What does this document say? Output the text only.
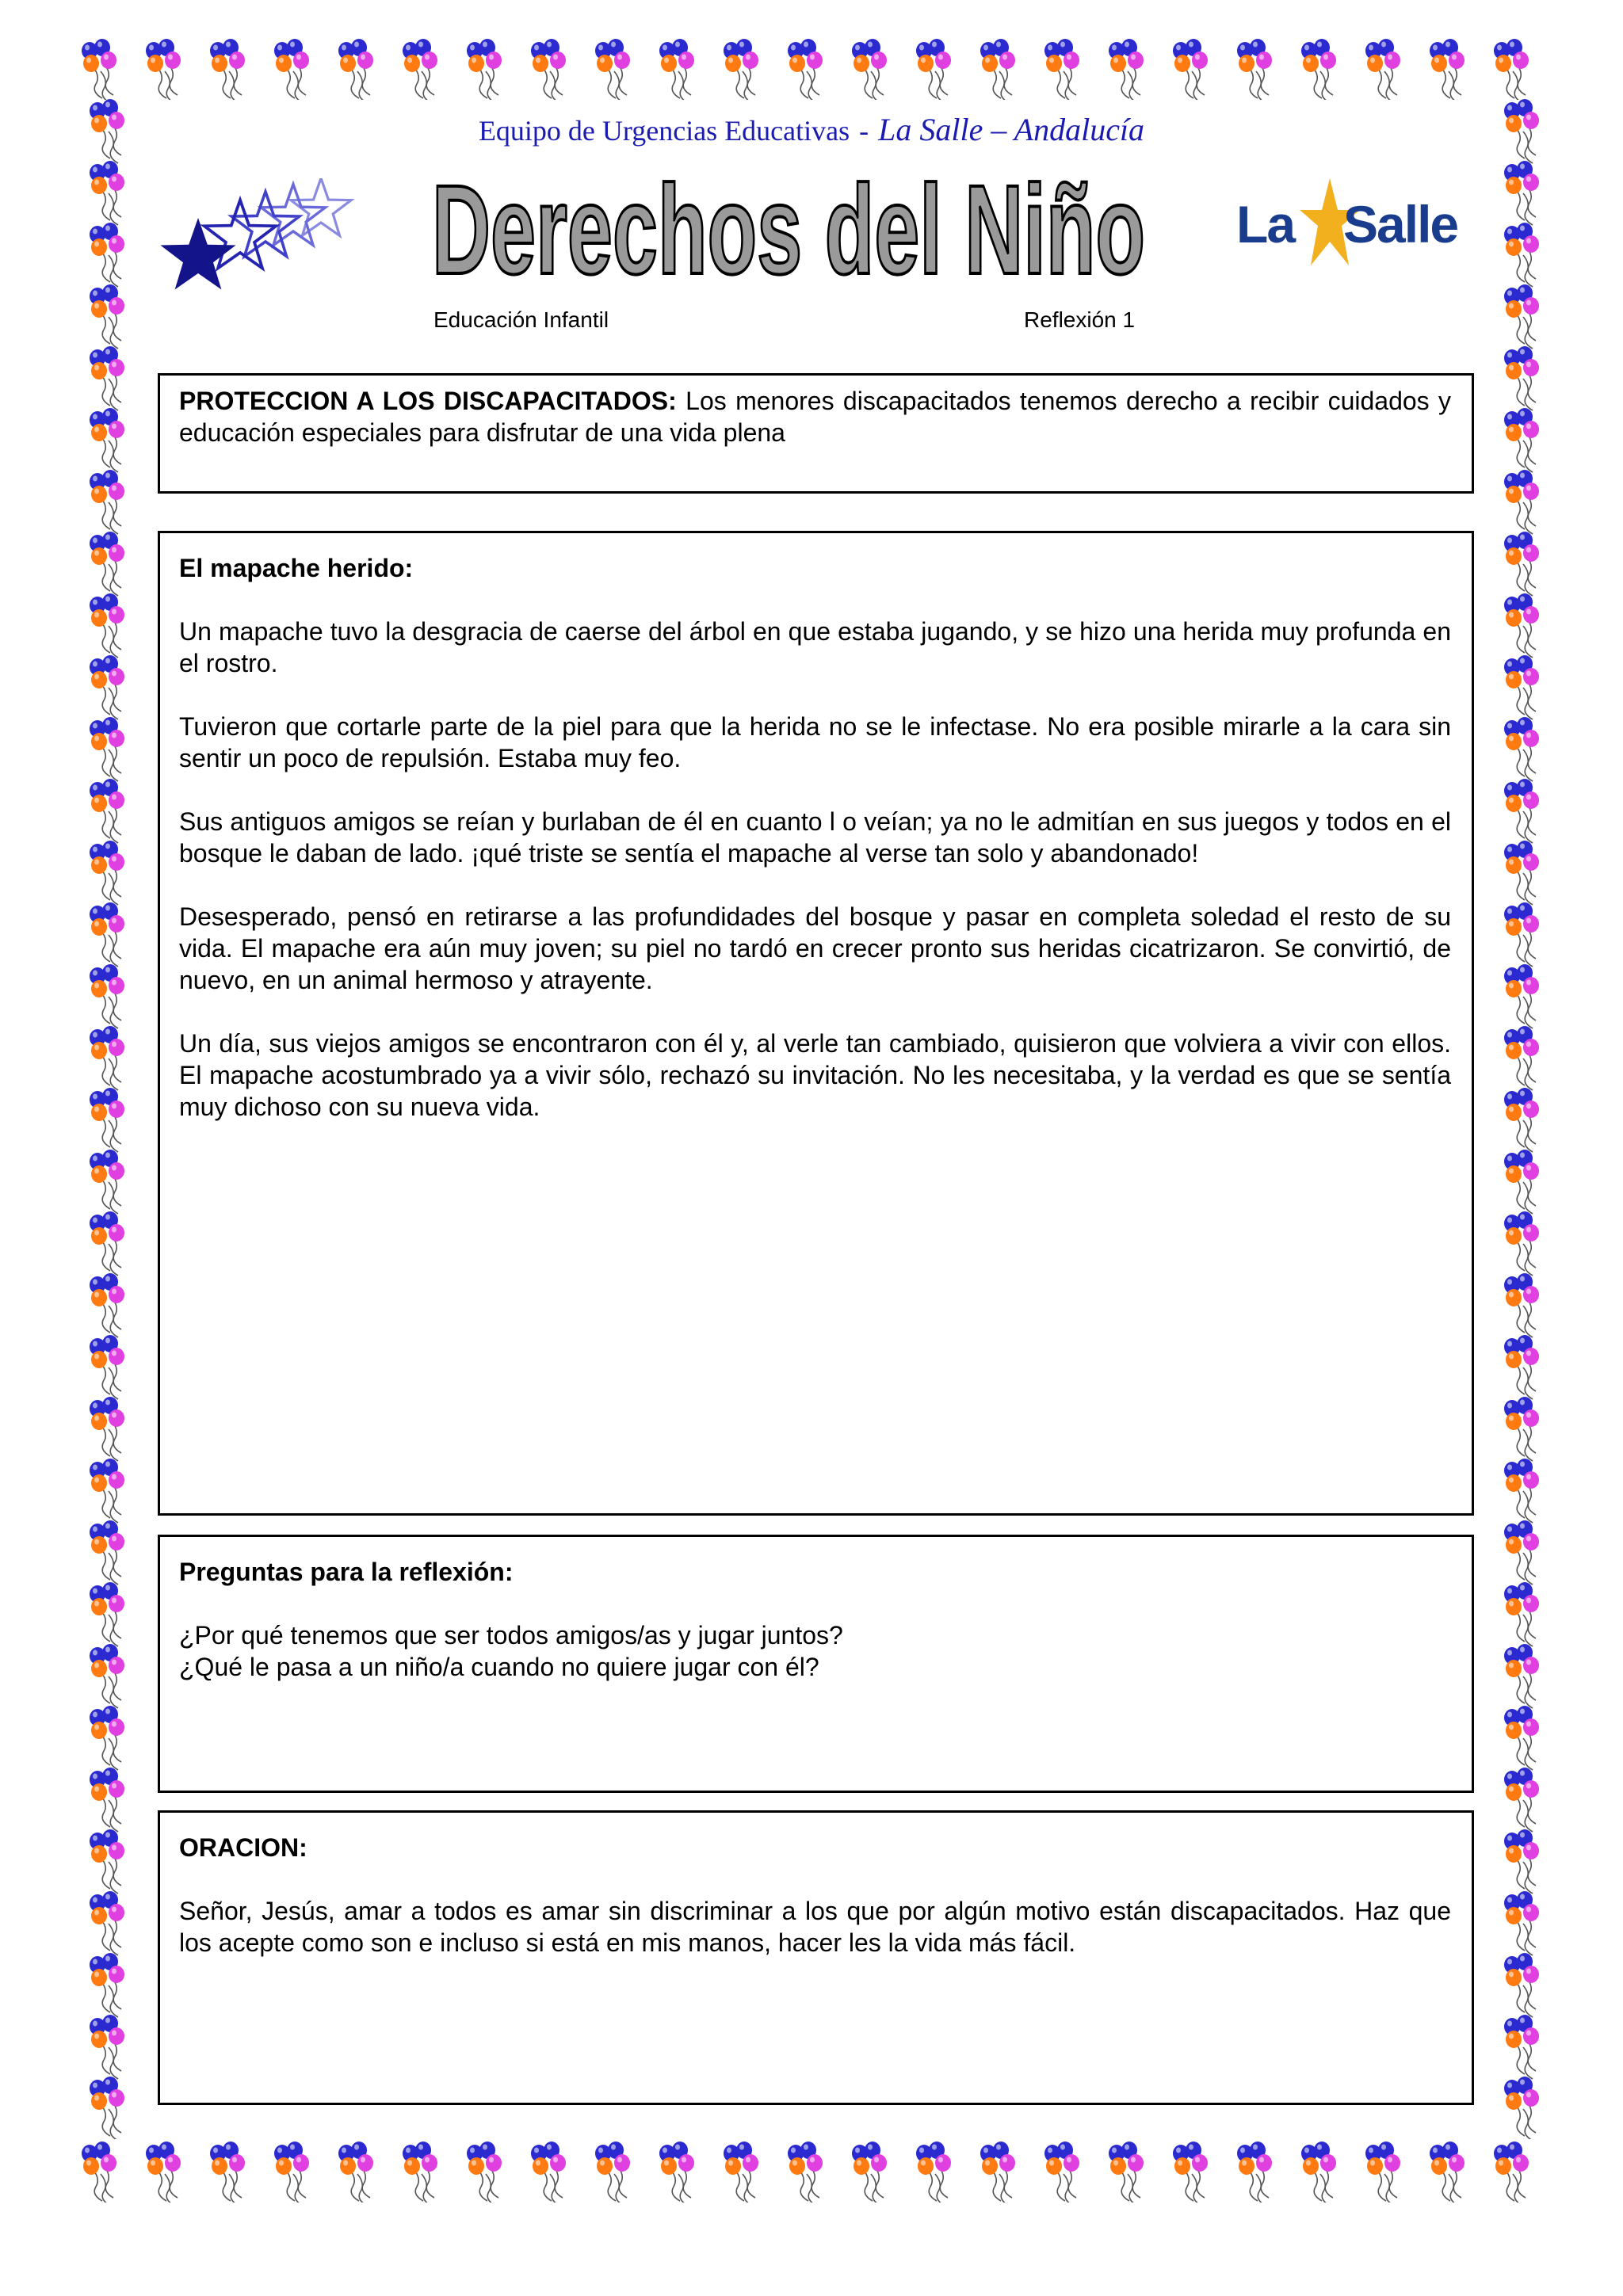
Equipo de Urgencias Educativas - La Salle – Andalucía
Derechos del Niño La Salle
Educación Infantil	Reflexión 1

PROTECCION A LOS DISCAPACITADOS: Los menores discapacitados tenemos derecho a recibir cuidados y educación especiales para disfrutar de una vida plena

El mapache herido:

Un mapache tuvo la desgracia de caerse del árbol en que estaba jugando, y se hizo una herida muy profunda en el rostro.

Tuvieron que cortarle parte de la piel para que la herida no se le infectase. No era posible mirarle a la cara sin sentir un poco de repulsión. Estaba muy feo.

Sus antiguos amigos se reían y burlaban de él en cuanto l o veían; ya no le admitían en sus juegos y todos en el bosque le daban de lado. ¡qué triste se sentía el mapache al verse tan solo y abandonado!

Desesperado, pensó en retirarse a las profundidades del bosque y pasar en completa soledad el resto de su vida. El mapache era aún muy joven; su piel no tardó en crecer pronto sus heridas cicatrizaron. Se convirtió, de nuevo, en un animal hermoso y atrayente.

Un día, sus viejos amigos se encontraron con él y, al verle tan cambiado, quisieron que volviera a vivir con ellos. El mapache acostumbrado ya a vivir sólo, rechazó su invitación. No les necesitaba, y la verdad es que se sentía muy dichoso con su nueva vida.

Preguntas para la reflexión:

¿Por qué tenemos que ser todos amigos/as y jugar juntos?

¿Qué le pasa a un niño/a cuando no quiere jugar con él?

ORACION:

Señor, Jesús, amar a todos es amar sin discriminar a los que por algún motivo están discapacitados. Haz que los acepte como son e incluso si está en mis manos, hacer les la vida más fácil.
